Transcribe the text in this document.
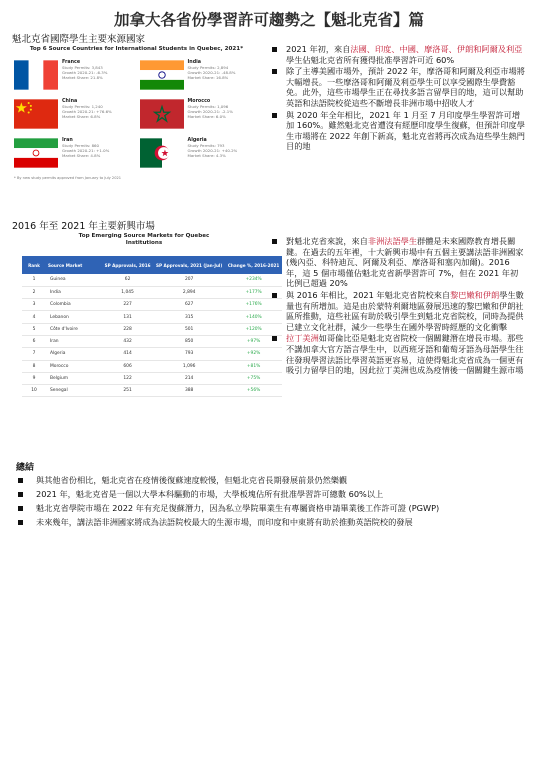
加拿大各省份學習許可趨勢之【魁北克省】篇
魁北克省國際學生主要來源國家
Top 6 Source Countries for International Students in Quebec, 2021*
France
Study Permits: 3,843
Growth 2020-21: -6.3%
Market Share: 21.8%
India
Study Permits: 2,894
Growth 2020-21: -48.8%
Market Share: 16.8%
China
Study Permits: 1,240
Growth 2020-21: +76.6%
Market Share: 6.8%
Morocco
Study Permits: 1,096
Growth 2020-21: -2.1%
Market Share: 6.0%
Iran
Study Permits: 860
Growth 2020-21: +1.0%
Market Share: 4.8%
Algeria
Study Permits: 793
Growth 2020-21: +40.2%
Market Share: 4.3%
* By new study permits approved from January to July 2021
2016 年至 2021 年主要新興市場
Top Emerging Source Markets for Quebec
Institutions
Rank	Source Market	SP Approvals, 2016	SP Approvals, 2021 (Jan-Jul)	Change %, 2016-2021
1	Guinea	62	207	+234%
2	India	1,045	2,894	+177%
3	Colombia	227	627	+176%
4	Lebanon	131	315	+140%
5	Côte d'Ivoire	228	501	+120%
6	Iran	432	850	+97%
7	Algeria	414	793	+92%
8	Morocco	606	1,096	+81%
9	Belgium	122	214	+75%
10	Senegal	251	388	+56%
2021 年初，來自法國、印度、中國、摩洛哥、伊朗和阿爾及利亞學生佔魁北克省所有獲得批准學習許可近 60%
除了主導美國市場外，預計 2022 年，摩洛哥和阿爾及利亞市場將大幅增長。一些摩洛哥和阿爾及利亞學生可以享受國際生學費豁免。此外，這些市場學生正在尋找多語言留學目的地，這可以幫助英語和法語院校從這些不斷增長非洲市場中招收人才
與 2020 年全年相比，2021 年 1 月至 7 月印度學生學習許可增加 160%。雖然魁北克省遭沒有經歷印度學生復蘇，但預計印度學生市場將在 2022 年創下新高，魁北克省將再次成為這些學生熱門目的地
對魁北克省來說，來自非洲法語學生群體是未來國際教育增長關鍵。在過去的五年裡，十大新興市場中有五個主要講法語非洲國家(幾內亞、科特迪瓦、阿爾及利亞、摩洛哥和塞內加爾)。2016 年，這 5 個市場僅佔魁北克省新學習許可 7%，但在 2021 年初比例已超過 20%
與 2016 年相比，2021 年魁北克省院校來自黎巴嫩和伊朗學生數量也有所增加。這是由於蒙特利爾地區發展迅速的黎巴嫩和伊朗社區所推動，這些社區有助於吸引學生到魁北克省院校，同時為提供已建立文化社群，減少一些學生在國外學習時經歷的文化衝擊
拉丁美洲如哥倫比亞是魁北克省院校一個關鍵潛在增長市場。那些不講加拿大官方語言學生中，以西班牙語和葡萄牙語為母語學生往往發現學習法語比學習英語更容易，這使得魁北克省成為一個更有吸引力留學目的地，因此拉丁美洲也成為疫情後一個關鍵生源市場
總結
與其他省份相比，魁北克省在疫情後復蘇速度較慢，但魁北克省長期發展前景仍然樂觀
2021 年，魁北克省是一個以大學本科驅動的市場，大學板塊佔所有批准學習許可總數 60%以上
魁北克省學院市場在 2022 年有充足復蘇潛力，因為私立學院畢業生有專屬資格申請畢業後工作許可證 (PGWP)
未來幾年，講法語非洲國家將成為法語院校最大的生源市場，而印度和中東將有助於推動英語院校的發展
